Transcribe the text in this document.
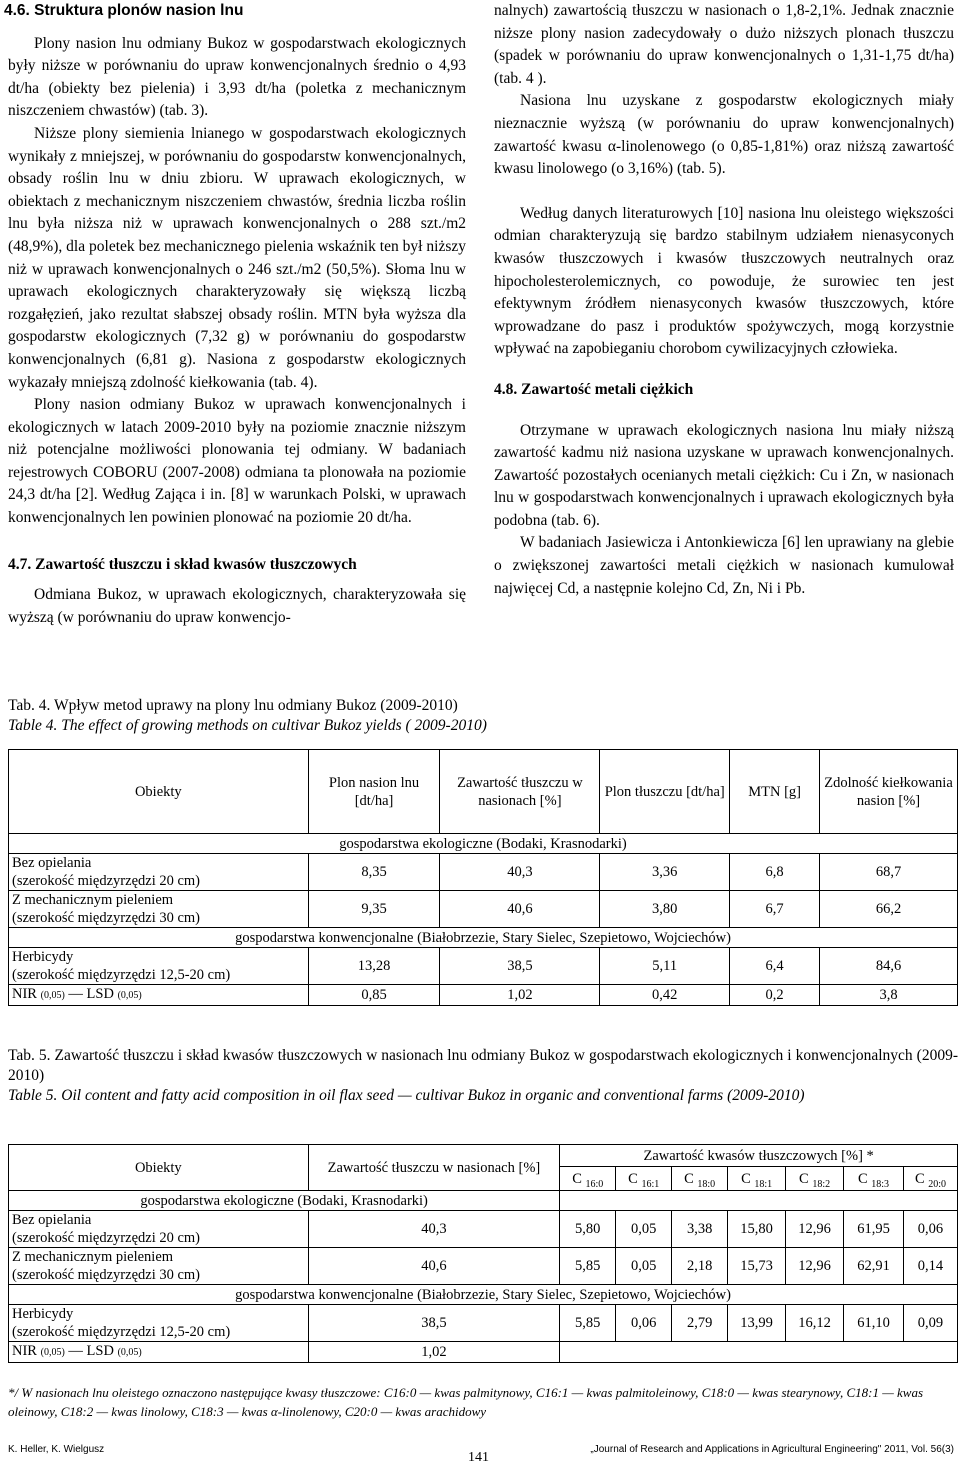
4.6. Struktura plonów nasion lnu

Plony nasion lnu odmiany Bukoz w gospodarstwach ekologicznych były niższe w porównaniu do upraw konwencjonalnych średnio o 4,93 dt/ha (obiekty bez pielenia) i 3,93 dt/ha (poletka z mechanicznym niszczeniem chwastów) (tab. 3).

Niższe plony siemienia lnianego w gospodarstwach ekologicznych wynikały z mniejszej, w porównaniu do gospodarstw konwencjonalnych, obsady roślin lnu w dniu zbioru. W uprawach ekologicznych, w obiektach z mechanicznym niszczeniem chwastów, średnia liczba roślin lnu była niższa niż w uprawach konwencjonalnych o 288 szt./m2 (48,9%), dla poletek bez mechanicznego pielenia wskaźnik ten był niższy niż w uprawach konwencjonalnych o 246 szt./m2 (50,5%). Słoma lnu w uprawach ekologicznych charakteryzowały się większą liczbą rozgałęzień, jako rezultat słabszej obsady roślin. MTN była wyższa dla gospodarstw ekologicznych (7,32 g) w porównaniu do gospodarstw konwencjonalnych (6,81 g). Nasiona z gospodarstw ekologicznych wykazały mniejszą zdolność kiełkowania (tab. 4).

Plony nasion odmiany Bukoz w uprawach konwencjonalnych i ekologicznych w latach 2009-2010 były na poziomie znacznie niższym niż potencjalne możliwości plonowania tej odmiany. W badaniach rejestrowych COBORU (2007-2008) odmiana ta plonowała na poziomie 24,3 dt/ha [2]. Według Zająca i in. [8] w warunkach Polski, w uprawach konwencjonalnych len powinien plonować na poziomie 20 dt/ha.

4.7. Zawartość tłuszczu i skład kwasów tłuszczowych

Odmiana Bukoz, w uprawach ekologicznych, charakteryzowała się wyższą (w porównaniu do upraw konwencjo-

nalnych) zawartością tłuszczu w nasionach o 1,8-2,1%. Jednak znacznie niższe plony nasion zadecydowały o dużo niższych plonach tłuszczu (spadek w porównaniu do upraw konwencjonalnych o 1,31-1,75 dt/ha) (tab. 4 ).

Nasiona lnu uzyskane z gospodarstw ekologicznych miały nieznacznie wyższą (w porównaniu do upraw konwencjonalnych) zawartość kwasu α-linolenowego (o 0,85-1,81%) oraz niższą zawartość kwasu linolowego (o 3,16%) (tab. 5).

Według danych literaturowych [10] nasiona lnu oleistego większości odmian charakteryzują się bardzo stabilnym udziałem nienasyconych kwasów tłuszczowych i kwasów tłuszczowych neutralnych oraz hipocholesterolemicznych, co powoduje, że surowiec ten jest efektywnym źródłem nienasyconych kwasów tłuszczowych, które wprowadzane do pasz i produktów spożywczych, mogą korzystnie wpływać na zapobieganiu chorobom cywilizacyjnych człowieka.

4.8. Zawartość metali ciężkich

Otrzymane w uprawach ekologicznych nasiona lnu miały niższą zawartość kadmu niż nasiona uzyskane w uprawach konwencjonalnych. Zawartość pozostałych ocenianych metali ciężkich: Cu i Zn, w nasionach lnu w gospodarstwach konwencjonalnych i uprawach ekologicznych była podobna (tab. 6).

W badaniach Jasiewicza i Antonkiewicza [6] len uprawiany na glebie o zwiększonej zawartości metali ciężkich w nasionach kumulował najwięcej Cd, a następnie kolejno Cd, Zn, Ni i Pb.

Tab. 4. Wpływ metod uprawy na plony lnu odmiany Bukoz (2009-2010)
Table 4. The effect of growing methods on cultivar Bukoz yields ( 2009-2010)
Obiekty	Plon nasion lnu [dt/ha]	Zawartość tłuszczu w nasionach [%]	Plon tłuszczu [dt/ha]	MTN [g]	Zdolność kiełkowania nasion [%]
gospodarstwa ekologiczne (Bodaki, Krasnodarki)					
Bez opielania
(szerokość międzyrzędzi 20 cm)	8,35	40,3	3,36	6,8	68,7
Z mechanicznym pieleniem
(szerokość międzyrzędzi 30 cm)	9,35	40,6	3,80	6,7	66,2
gospodarstwa konwencjonalne (Białobrzezie, Stary Sielec, Szepietowo, Wojciechów)					
Herbicydy
(szerokość międzyrzędzi 12,5-20 cm)	13,28	38,5	5,11	6,4	84,6
NIR (0,05) — LSD (0,05)	0,85	1,02	0,42	0,2	3,8
Tab. 5. Zawartość tłuszczu i skład kwasów tłuszczowych w nasionach lnu odmiany Bukoz w gospodarstwach ekologicznych i konwencjonalnych (2009-2010)
Table 5. Oil content and fatty acid composition in oil flax seed — cultivar Bukoz in organic and conventional farms (2009-2010)
Obiekty	Zawartość tłuszczu w nasionach [%]	Zawartość kwasów tłuszczowych [%] *						
		C $_{16:0}$	C $_{16:1}$	C $_{18:0}$	C $_{18:1}$	C $_{18:2}$	C $_{18:3}$	C $_{20:0}$
gospodarstwa ekologiczne (Bodaki, Krasnodarki)								
Bez opielania
(szerokość międzyrzędzi 20 cm)	40,3	5,80	0,05	3,38	15,80	12,96	61,95	0,06
Z mechanicznym pieleniem
(szerokość międzyrzędzi 30 cm)	40,6	5,85	0,05	2,18	15,73	12,96	62,91	0,14
gospodarstwa konwencjonalne (Białobrzezie, Stary Sielec, Szepietowo, Wojciechów)								
Herbicydy
(szerokość międzyrzędzi 12,5-20 cm)	38,5	5,85	0,06	2,79	13,99	16,12	61,10	0,09
NIR (0,05) — LSD (0,05)	1,02							
*/ W nasionach lnu oleistego oznaczono następujące kwasy tłuszczowe: C16:0 — kwas palmitynowy, C16:1 — kwas palmitoleinowy, C18:0 — kwas stearynowy, C18:1 — kwas oleinowy, C18:2 — kwas linolowy, C18:3 — kwas α-linolenowy, C20:0 — kwas arachidowy
K. Heller, K. Wielgusz
141
„Journal of Research and Applications in Agricultural Engineering" 2011, Vol. 56(3)
